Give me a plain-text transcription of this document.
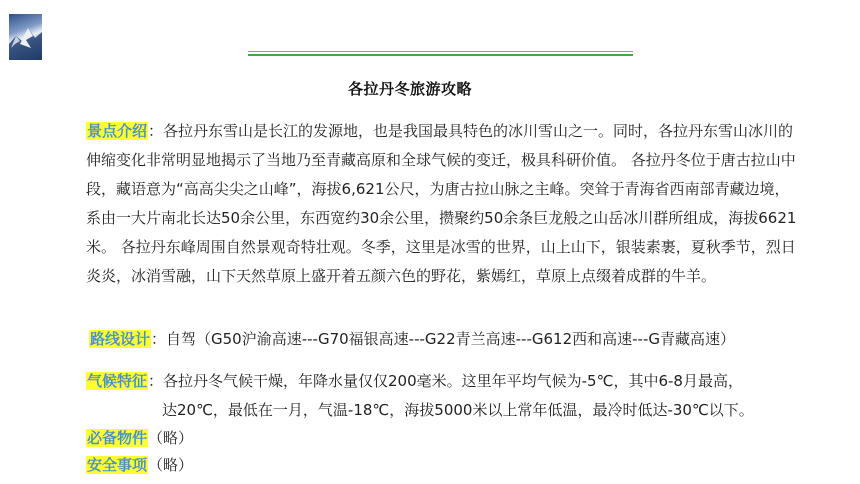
各拉丹冬旅游攻略
景点介绍：各拉丹东雪山是长江的发源地，也是我国最具特色的冰川雪山之一。同时，各拉丹东雪山冰川的伸缩变化非常明显地揭示了当地乃至青藏高原和全球气候的变迁，极具科研价值。 各拉丹冬位于唐古拉山中段，藏语意为“高高尖尖之山峰”，海拔6,621公尺，为唐古拉山脉之主峰。突耸于青海省西南部青藏边境，系由一大片南北长达50余公里，东西宽约30余公里，攒聚约50余条巨龙般之山岳冰川群所组成，海拔6621米。 各拉丹东峰周围自然景观奇特壮观。冬季，这里是冰雪的世界，山上山下，银装素裹，夏秋季节，烈日炎炎，冰消雪融，山下天然草原上盛开着五颜六色的野花，紫嫣红，草原上点缀着成群的牛羊。
路线设计：自驾（G50沪渝高速---G70福银高速---G22青兰高速---G612西和高速---G青藏高速）
气候特征：各拉丹冬气候干燥，年降水量仅仅200毫米。这里年平均气候为-5℃，其中6-8月最高，
达20℃，最低在一月，气温-18℃，海拔5000米以上常年低温，最冷时低达-30℃以下。
必备物件（略）
安全事项（略）
